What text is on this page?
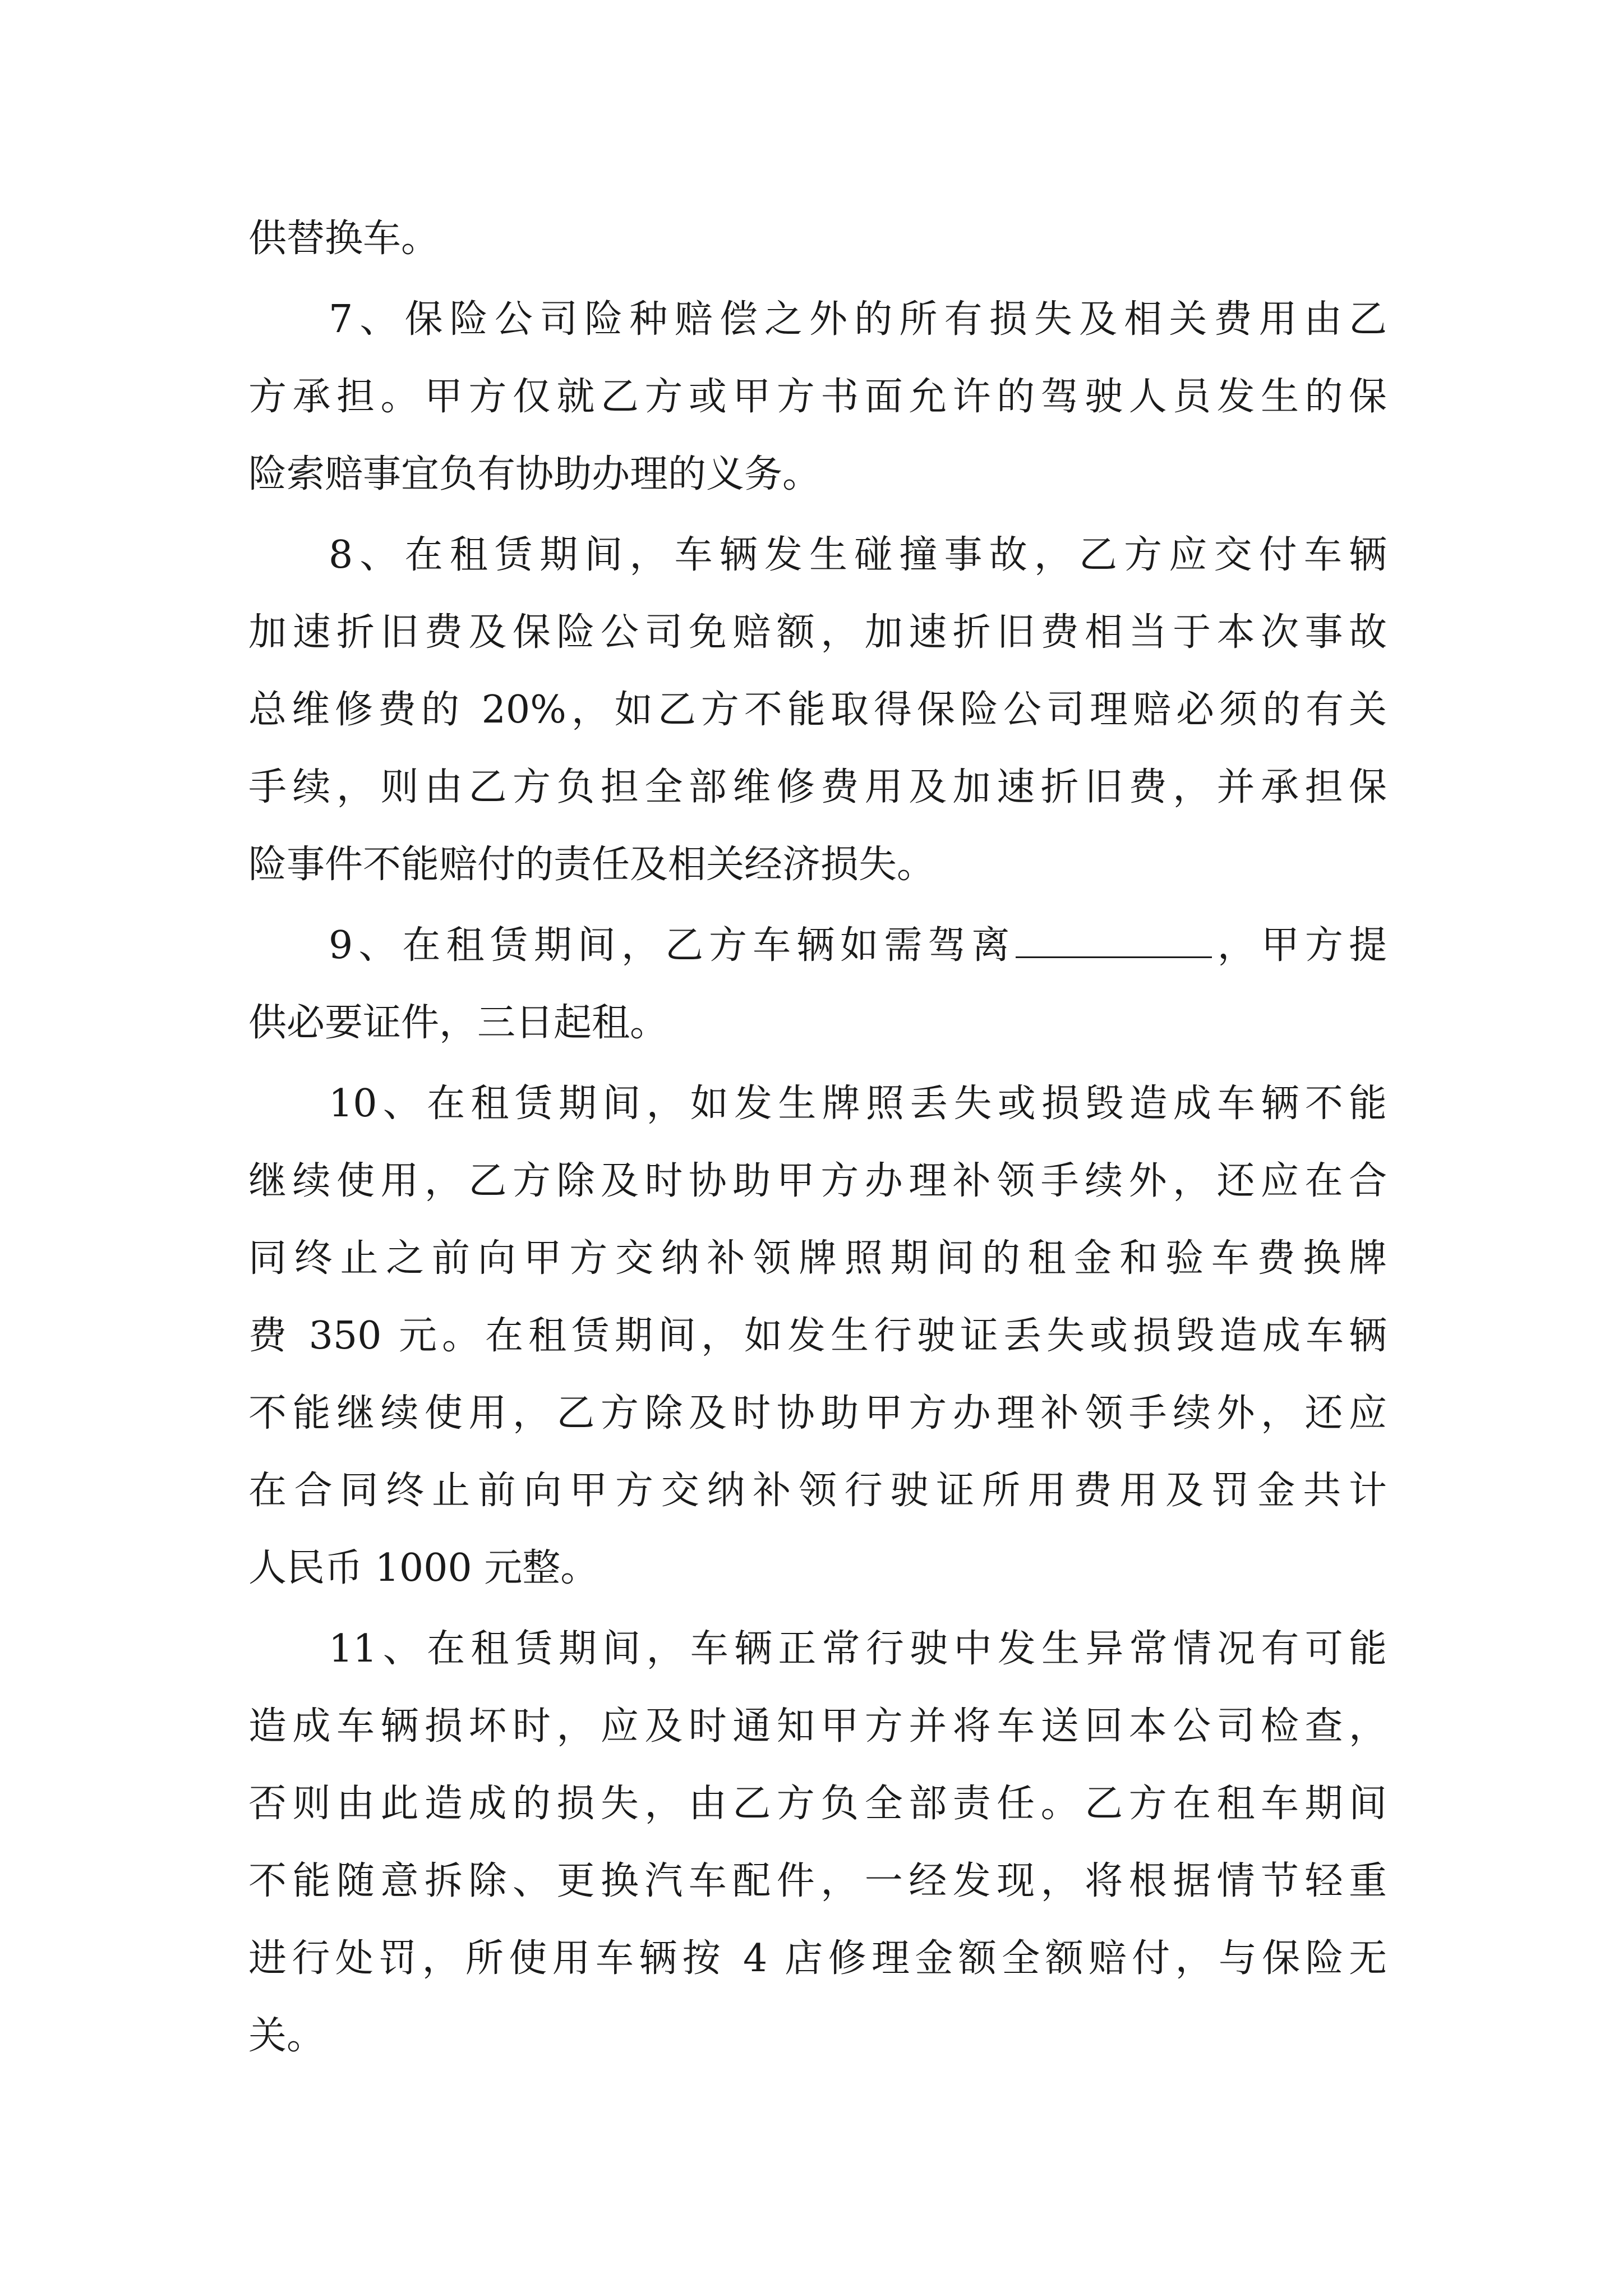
供替换车。
7、保险公司险种赔偿之外的所有损失及相关费用由乙
方承担。甲方仅就乙方或甲方书面允许的驾驶人员发生的保
险索赔事宜负有协助办理的义务。
8、在租赁期间，车辆发生碰撞事故，乙方应交付车辆
加速折旧费及保险公司免赔额，加速折旧费相当于本次事故
总维修费的 20%，如乙方不能取得保险公司理赔必须的有关
手续，则由乙方负担全部维修费用及加速折旧费，并承担保
险事件不能赔付的责任及相关经济损失。
9、在租赁期间，乙方车辆如需驾离	，甲方提
供必要证件，三日起租。
10、在租赁期间，如发生牌照丢失或损毁造成车辆不能
继续使用，乙方除及时协助甲方办理补领手续外，还应在合
同终止之前向甲方交纳补领牌照期间的租金和验车费换牌
费 350 元。在租赁期间，如发生行驶证丢失或损毁造成车辆
不能继续使用，乙方除及时协助甲方办理补领手续外，还应
在合同终止前向甲方交纳补领行驶证所用费用及罚金共计
人民币 1000 元整。
11、在租赁期间，车辆正常行驶中发生异常情况有可能
造成车辆损坏时，应及时通知甲方并将车送回本公司检查，
否则由此造成的损失，由乙方负全部责任。乙方在租车期间
不能随意拆除、更换汽车配件，一经发现，将根据情节轻重
进行处罚，所使用车辆按 4 店修理金额全额赔付，与保险无
关。
